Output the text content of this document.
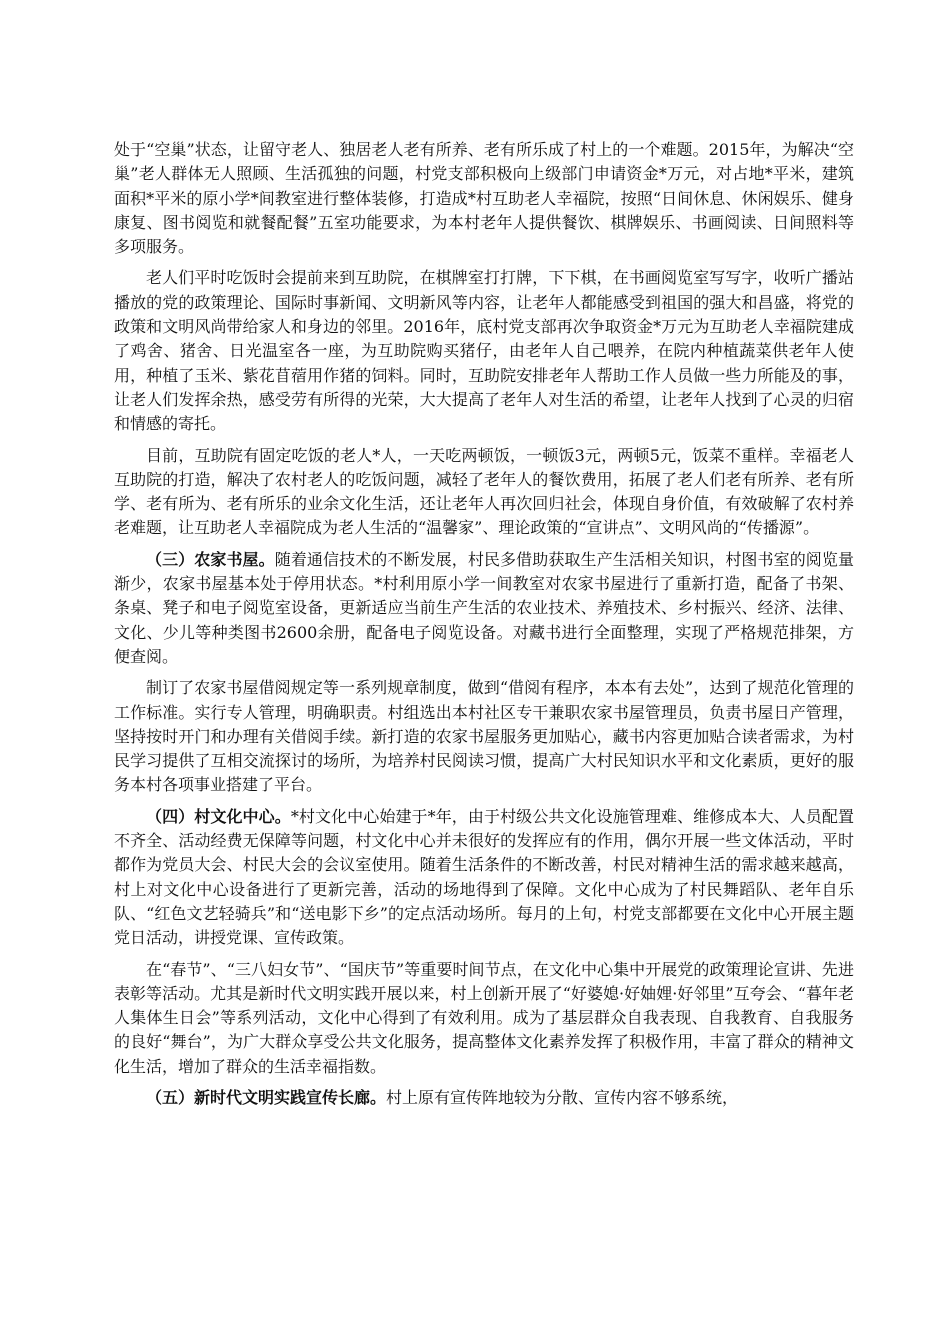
处于“空巢”状态，让留守老人、独居老人老有所养、老有所乐成了村上的一个难题。2015年，为解决“空巢”老人群体无人照顾、生活孤独的问题，村党支部积极向上级部门申请资金*万元，对占地*平米，建筑面积*平米的原小学*间教室进行整体装修，打造成*村互助老人幸福院，按照“日间休息、休闲娱乐、健身康复、图书阅览和就餐配餐”五室功能要求，为本村老年人提供餐饮、棋牌娱乐、书画阅读、日间照料等多项服务。

老人们平时吃饭时会提前来到互助院，在棋牌室打打牌，下下棋，在书画阅览室写写字，收听广播站播放的党的政策理论、国际时事新闻、文明新风等内容，让老年人都能感受到祖国的强大和昌盛，将党的政策和文明风尚带给家人和身边的邻里。2016年，底村党支部再次争取资金*万元为互助老人幸福院建成了鸡舍、猪舍、日光温室各一座，为互助院购买猪仔，由老年人自己喂养，在院内种植蔬菜供老年人使用，种植了玉米、紫花苜蓿用作猪的饲料。同时，互助院安排老年人帮助工作人员做一些力所能及的事，让老人们发挥余热，感受劳有所得的光荣，大大提高了老年人对生活的希望，让老年人找到了心灵的归宿和情感的寄托。

目前，互助院有固定吃饭的老人*人，一天吃两顿饭，一顿饭3元，两顿5元，饭菜不重样。幸福老人互助院的打造，解决了农村老人的吃饭问题，减轻了老年人的餐饮费用，拓展了老人们老有所养、老有所学、老有所为、老有所乐的业余文化生活，还让老年人再次回归社会，体现自身价值，有效破解了农村养老难题，让互助老人幸福院成为老人生活的“温馨家”、理论政策的“宣讲点”、文明风尚的“传播源”。

（三）农家书屋。随着通信技术的不断发展，村民多借助获取生产生活相关知识，村图书室的阅览量渐少，农家书屋基本处于停用状态。*村利用原小学一间教室对农家书屋进行了重新打造，配备了书架、条桌、凳子和电子阅览室设备，更新适应当前生产生活的农业技术、养殖技术、乡村振兴、经济、法律、文化、少儿等种类图书2600余册，配备电子阅览设备。对藏书进行全面整理，实现了严格规范排架，方便查阅。

制订了农家书屋借阅规定等一系列规章制度，做到“借阅有程序，本本有去处”，达到了规范化管理的工作标准。实行专人管理，明确职责。村组选出本村社区专干兼职农家书屋管理员，负责书屋日产管理，坚持按时开门和办理有关借阅手续。新打造的农家书屋服务更加贴心，藏书内容更加贴合读者需求，为村民学习提供了互相交流探讨的场所，为培养村民阅读习惯，提高广大村民知识水平和文化素质，更好的服务本村各项事业搭建了平台。

（四）村文化中心。*村文化中心始建于*年，由于村级公共文化设施管理难、维修成本大、人员配置不齐全、活动经费无保障等问题，村文化中心并未很好的发挥应有的作用，偶尔开展一些文体活动，平时都作为党员大会、村民大会的会议室使用。随着生活条件的不断改善，村民对精神生活的需求越来越高，村上对文化中心设备进行了更新完善，活动的场地得到了保障。文化中心成为了村民舞蹈队、老年自乐队、“红色文艺轻骑兵”和“送电影下乡”的定点活动场所。每月的上旬，村党支部都要在文化中心开展主题党日活动，讲授党课、宣传政策。

在“春节”、“三八妇女节”、“国庆节”等重要时间节点，在文化中心集中开展党的政策理论宣讲、先进表彰等活动。尤其是新时代文明实践开展以来，村上创新开展了“好婆媳·好妯娌·好邻里”互夸会、“暮年老人集体生日会”等系列活动，文化中心得到了有效利用。成为了基层群众自我表现、自我教育、自我服务的良好“舞台”，为广大群众享受公共文化服务，提高整体文化素养发挥了积极作用，丰富了群众的精神文化生活，增加了群众的生活幸福指数。

（五）新时代文明实践宣传长廊。村上原有宣传阵地较为分散、宣传内容不够系统，
